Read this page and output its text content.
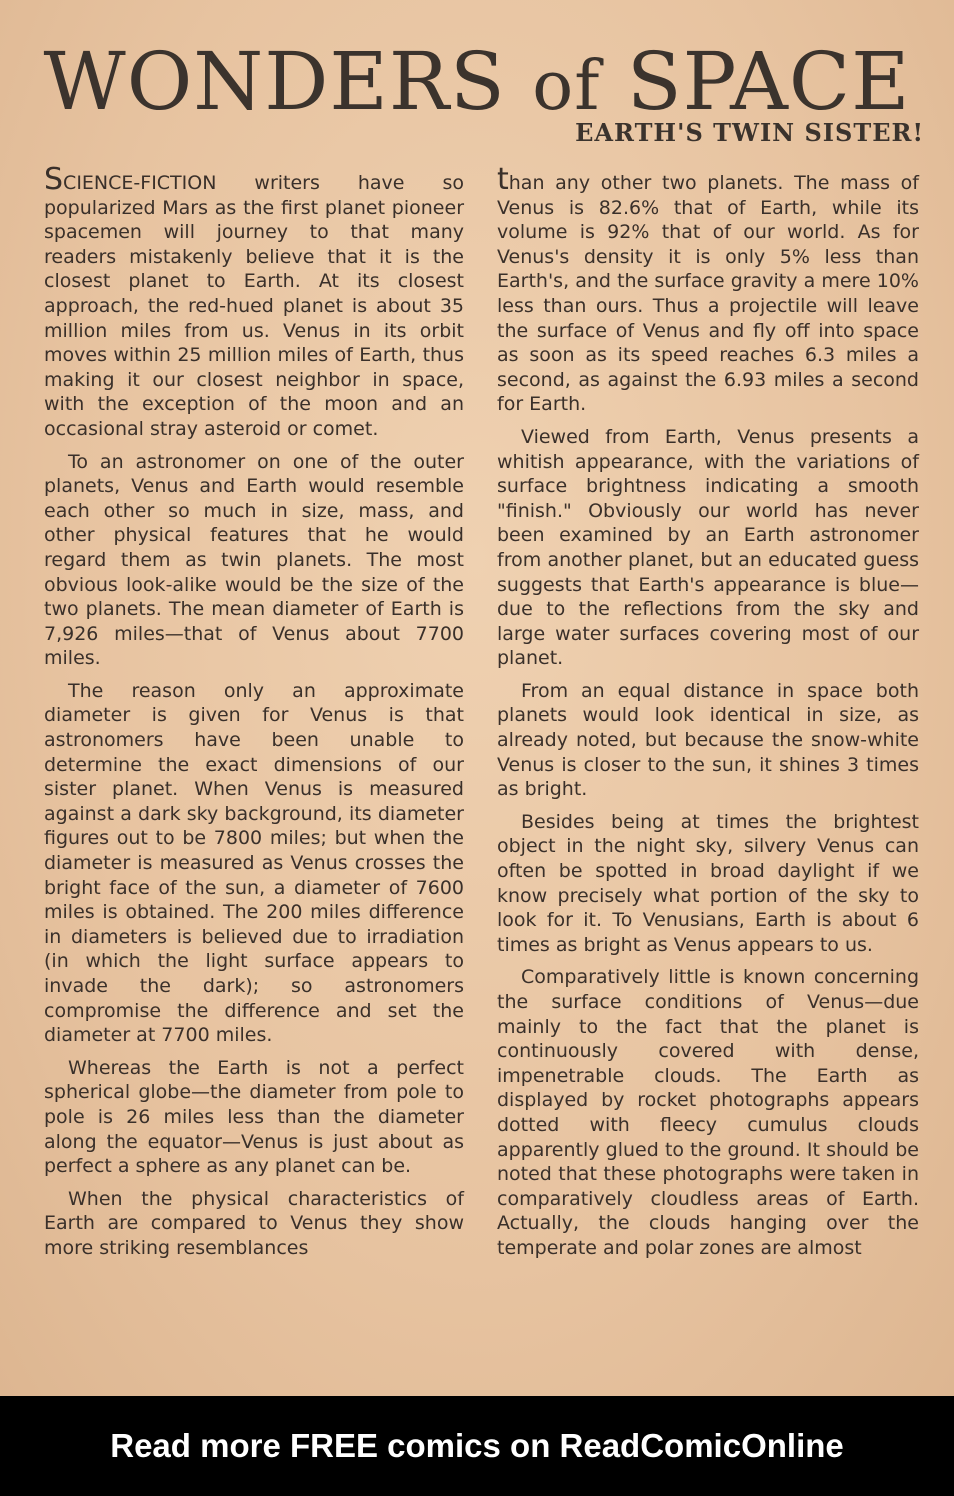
WONDERS of SPACE
EARTH'S TWIN SISTER!

SCIENCE-FICTION writers have so popularized Mars as the first planet pioneer spacemen will journey to that many readers mistakenly believe that it is the closest planet to Earth. At its closest approach, the red-hued planet is about 35 million miles from us. Venus in its orbit moves within 25 million miles of Earth, thus making it our closest neighbor in space, with the exception of the moon and an occasional stray asteroid or comet.

To an astronomer on one of the outer planets, Venus and Earth would resemble each other so much in size, mass, and other physical features that he would regard them as twin planets. The most obvious look-alike would be the size of the two planets. The mean diameter of Earth is 7,926 miles—that of Venus about 7700 miles.

The reason only an approximate diameter is given for Venus is that astronomers have been unable to determine the exact dimensions of our sister planet. When Venus is measured against a dark sky background, its diameter figures out to be 7800 miles; but when the diameter is measured as Venus crosses the bright face of the sun, a diameter of 7600 miles is obtained. The 200 miles difference in diameters is believed due to irradiation (in which the light surface appears to invade the dark); so astronomers compromise the difference and set the diameter at 7700 miles.

Whereas the Earth is not a perfect spherical globe—the diameter from pole to pole is 26 miles less than the diameter along the equator—Venus is just about as perfect a sphere as any planet can be.

When the physical characteristics of Earth are compared to Venus they show more striking resemblances

than any other two planets. The mass of Venus is 82.6% that of Earth, while its volume is 92% that of our world. As for Venus's density it is only 5% less than Earth's, and the surface gravity a mere 10% less than ours. Thus a projectile will leave the surface of Venus and fly off into space as soon as its speed reaches 6.3 miles a second, as against the 6.93 miles a second for Earth.

Viewed from Earth, Venus presents a whitish appearance, with the variations of surface brightness indicating a smooth "finish." Obviously our world has never been examined by an Earth astronomer from another planet, but an educated guess suggests that Earth's appearance is blue—due to the reflections from the sky and large water surfaces covering most of our planet.

From an equal distance in space both planets would look identical in size, as already noted, but because the snow-white Venus is closer to the sun, it shines 3 times as bright.

Besides being at times the brightest object in the night sky, silvery Venus can often be spotted in broad daylight if we know precisely what portion of the sky to look for it. To Venusians, Earth is about 6 times as bright as Venus appears to us.

Comparatively little is known concerning the surface conditions of Venus—due mainly to the fact that the planet is continuously covered with dense, impenetrable clouds. The Earth as displayed by rocket photographs appears dotted with fleecy cumulus clouds apparently glued to the ground. It should be noted that these photographs were taken in comparatively cloudless areas of Earth. Actually, the clouds hanging over the temperate and polar zones are almost

Read more FREE comics on ReadComicOnline
